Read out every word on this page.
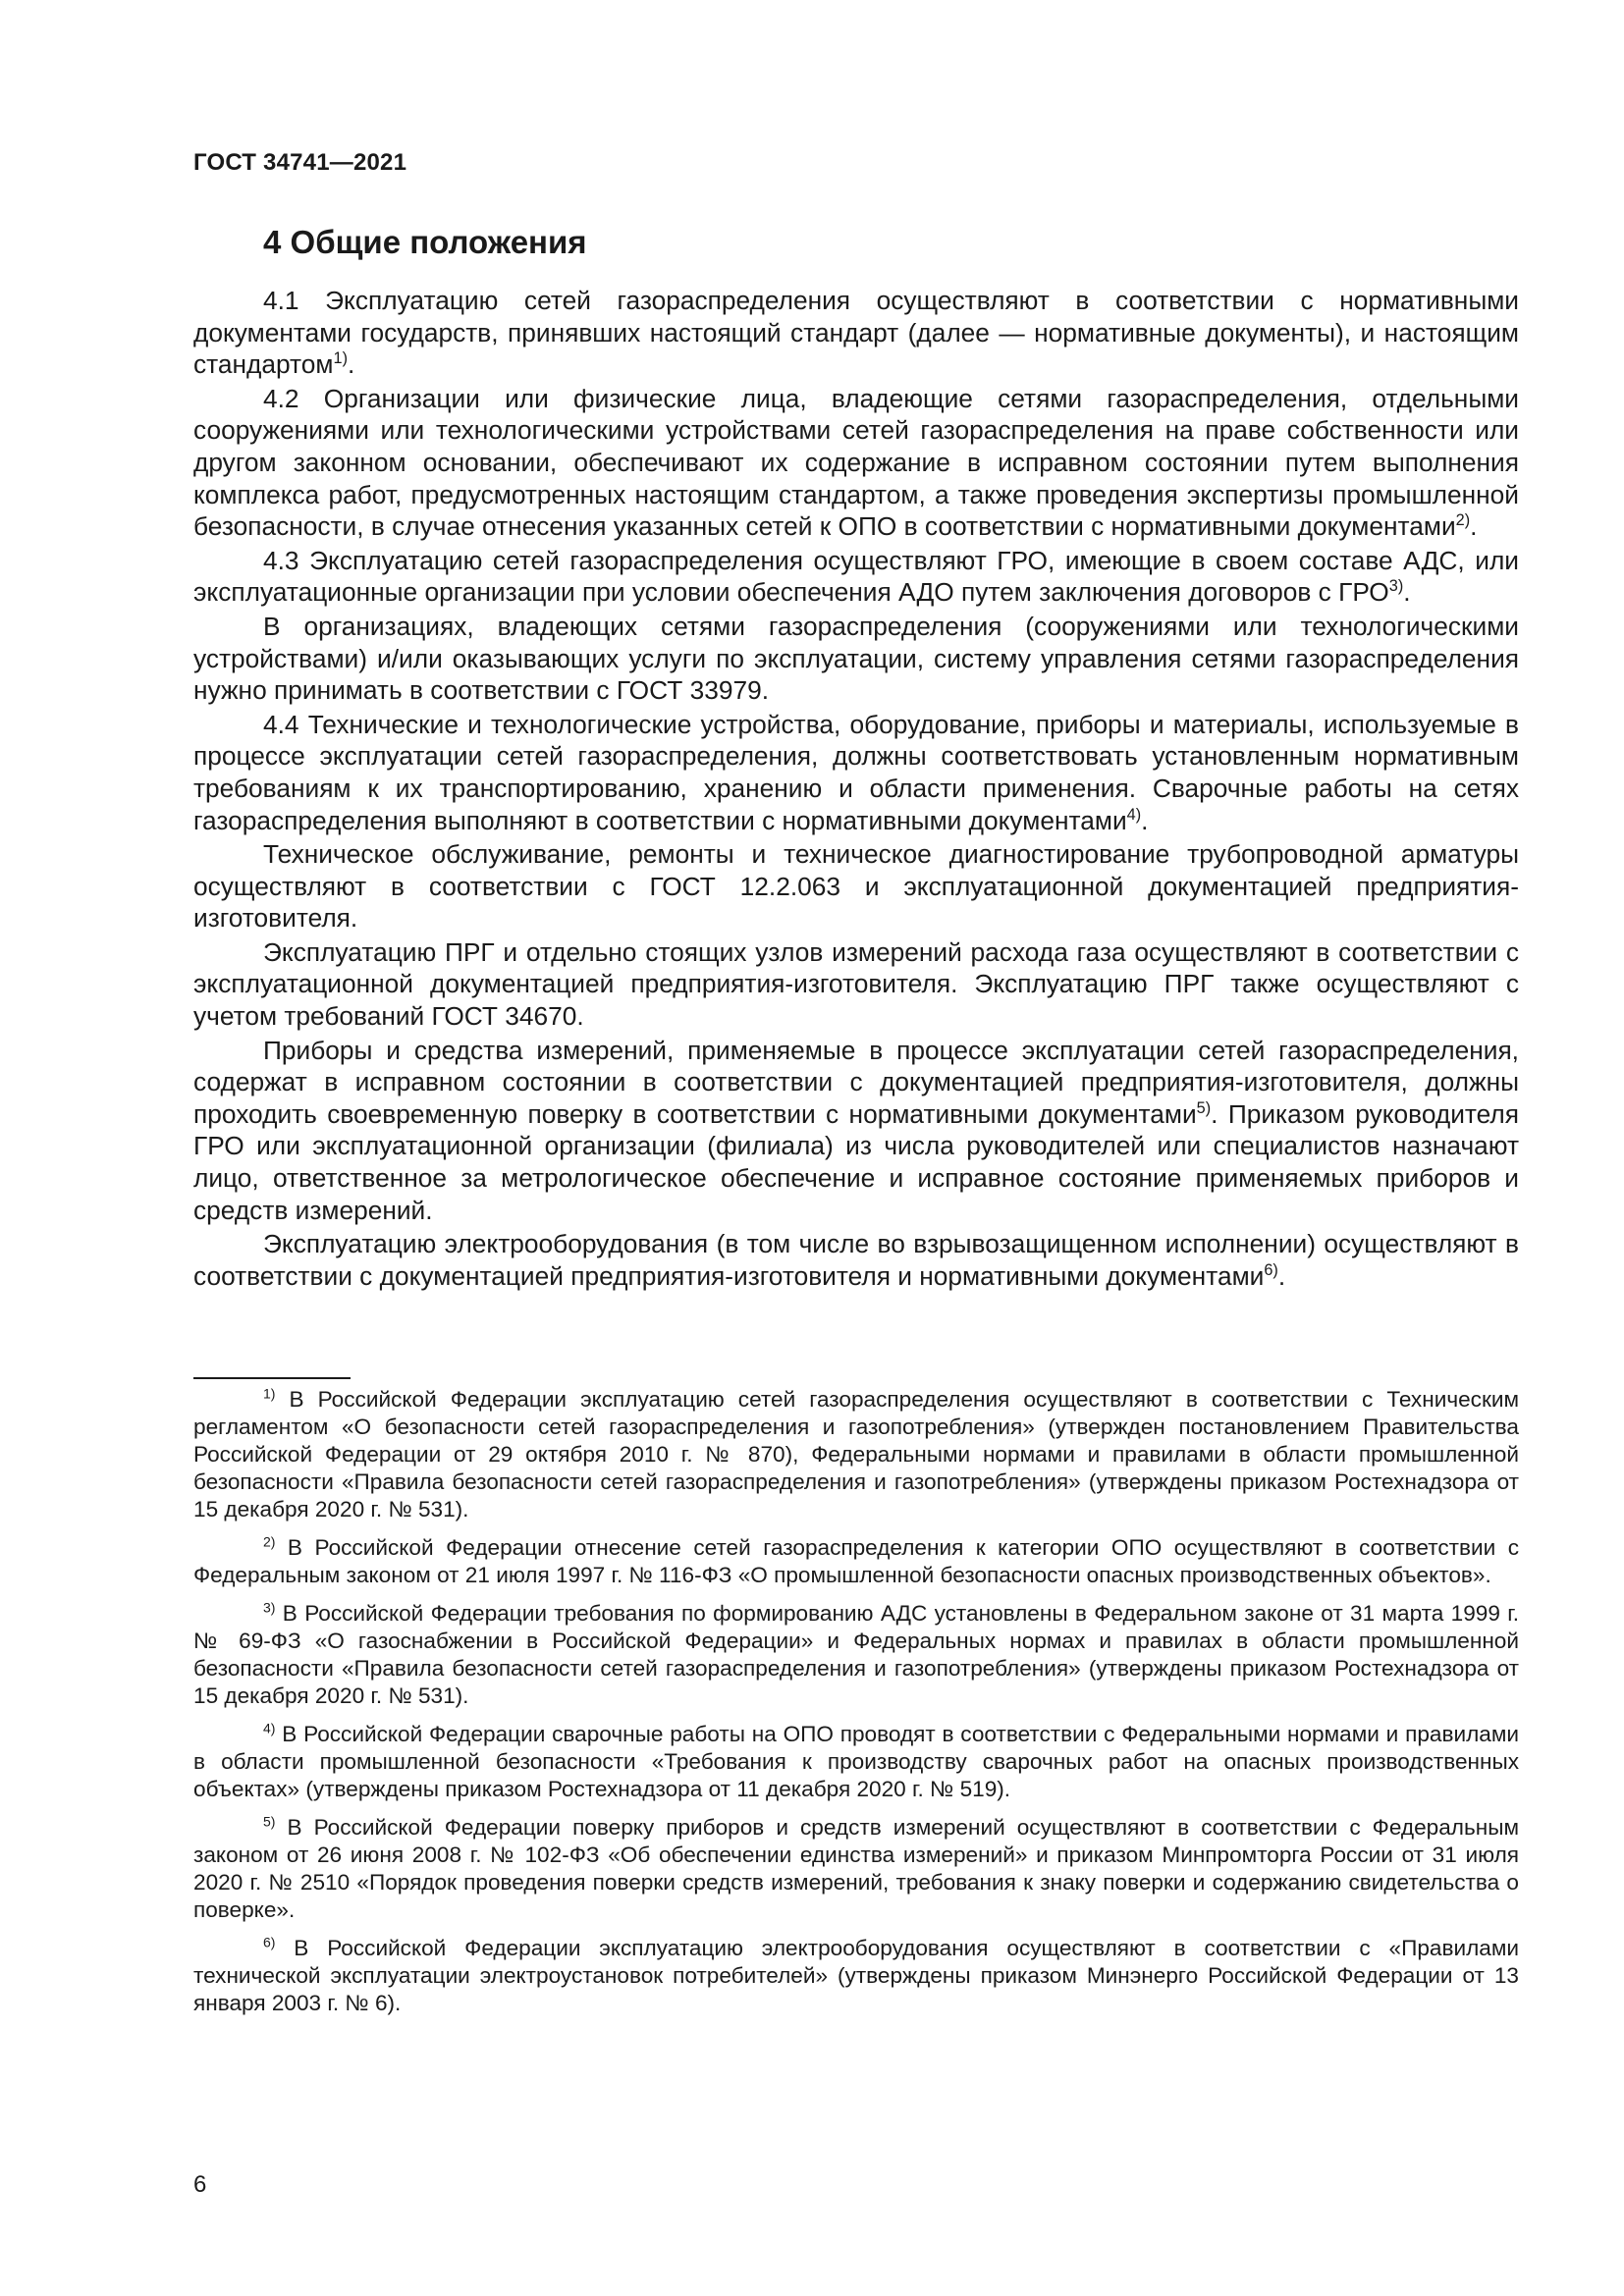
ГОСТ 34741—2021
4 Общие положения

4.1 Эксплуатацию сетей газораспределения осуществляют в соответствии с нормативными документами государств, принявших настоящий стандарт (далее — нормативные документы), и настоящим стандартом$^{1)}$.

4.2 Организации или физические лица, владеющие сетями газораспределения, отдельными сооружениями или технологическими устройствами сетей газораспределения на праве собственности или другом законном основании, обеспечивают их содержание в исправном состоянии путем выполнения комплекса работ, предусмотренных настоящим стандартом, а также проведения экспертизы промышленной безопасности, в случае отнесения указанных сетей к ОПО в соответствии с нормативными документами$^{2)}$.

4.3 Эксплуатацию сетей газораспределения осуществляют ГРО, имеющие в своем составе АДС, или эксплуатационные организации при условии обеспечения АДО путем заключения договоров с ГРО$^{3)}$.

В организациях, владеющих сетями газораспределения (сооружениями или технологическими устройствами) и/или оказывающих услуги по эксплуатации, систему управления сетями газораспределения нужно принимать в соответствии с ГОСТ 33979.

4.4 Технические и технологические устройства, оборудование, приборы и материалы, используемые в процессе эксплуатации сетей газораспределения, должны соответствовать установленным нормативным требованиям к их транспортированию, хранению и области применения. Сварочные работы на сетях газораспределения выполняют в соответствии с нормативными документами$^{4)}$.

Техническое обслуживание, ремонты и техническое диагностирование трубопроводной арматуры осуществляют в соответствии с ГОСТ 12.2.063 и эксплуатационной документацией предприятия-изготовителя.

Эксплуатацию ПРГ и отдельно стоящих узлов измерений расхода газа осуществляют в соответствии с эксплуатационной документацией предприятия-изготовителя. Эксплуатацию ПРГ также осуществляют с учетом требований ГОСТ 34670.

Приборы и средства измерений, применяемые в процессе эксплуатации сетей газораспределения, содержат в исправном состоянии в соответствии с документацией предприятия-изготовителя, должны проходить своевременную поверку в соответствии с нормативными документами$^{5)}$. Приказом руководителя ГРО или эксплуатационной организации (филиала) из числа руководителей или специалистов назначают лицо, ответственное за метрологическое обеспечение и исправное состояние применяемых приборов и средств измерений.

Эксплуатацию электрооборудования (в том числе во взрывозащищенном исполнении) осуществляют в соответствии с документацией предприятия-изготовителя и нормативными документами$^{6)}$.

$^{1)}$ В Российской Федерации эксплуатацию сетей газораспределения осуществляют в соответствии с Техническим регламентом «О безопасности сетей газораспределения и газопотребления» (утвержден постановлением Правительства Российской Федерации от 29 октября 2010 г. № 870), Федеральными нормами и правилами в области промышленной безопасности «Правила безопасности сетей газораспределения и газопотребления» (утверждены приказом Ростехнадзора от 15 декабря 2020 г. № 531).

$^{2)}$ В Российской Федерации отнесение сетей газораспределения к категории ОПО осуществляют в соответствии с Федеральным законом от 21 июля 1997 г. № 116-ФЗ «О промышленной безопасности опасных производственных объектов».

$^{3)}$ В Российской Федерации требования по формированию АДС установлены в Федеральном законе от 31 марта 1999 г. № 69-ФЗ «О газоснабжении в Российской Федерации» и Федеральных нормах и правилах в области промышленной безопасности «Правила безопасности сетей газораспределения и газопотребления» (утверждены приказом Ростехнадзора от 15 декабря 2020 г. № 531).

$^{4)}$ В Российской Федерации сварочные работы на ОПО проводят в соответствии с Федеральными нормами и правилами в области промышленной безопасности «Требования к производству сварочных работ на опасных производственных объектах» (утверждены приказом Ростехнадзора от 11 декабря 2020 г. № 519).

$^{5)}$ В Российской Федерации поверку приборов и средств измерений осуществляют в соответствии с Федеральным законом от 26 июня 2008 г. № 102-ФЗ «Об обеспечении единства измерений» и приказом Минпромторга России от 31 июля 2020 г. № 2510 «Порядок проведения поверки средств измерений, требования к знаку поверки и содержанию свидетельства о поверке».

$^{6)}$ В Российской Федерации эксплуатацию электрооборудования осуществляют в соответствии с «Правилами технической эксплуатации электроустановок потребителей» (утверждены приказом Минэнерго Российской Федерации от 13 января 2003 г. № 6).

6
